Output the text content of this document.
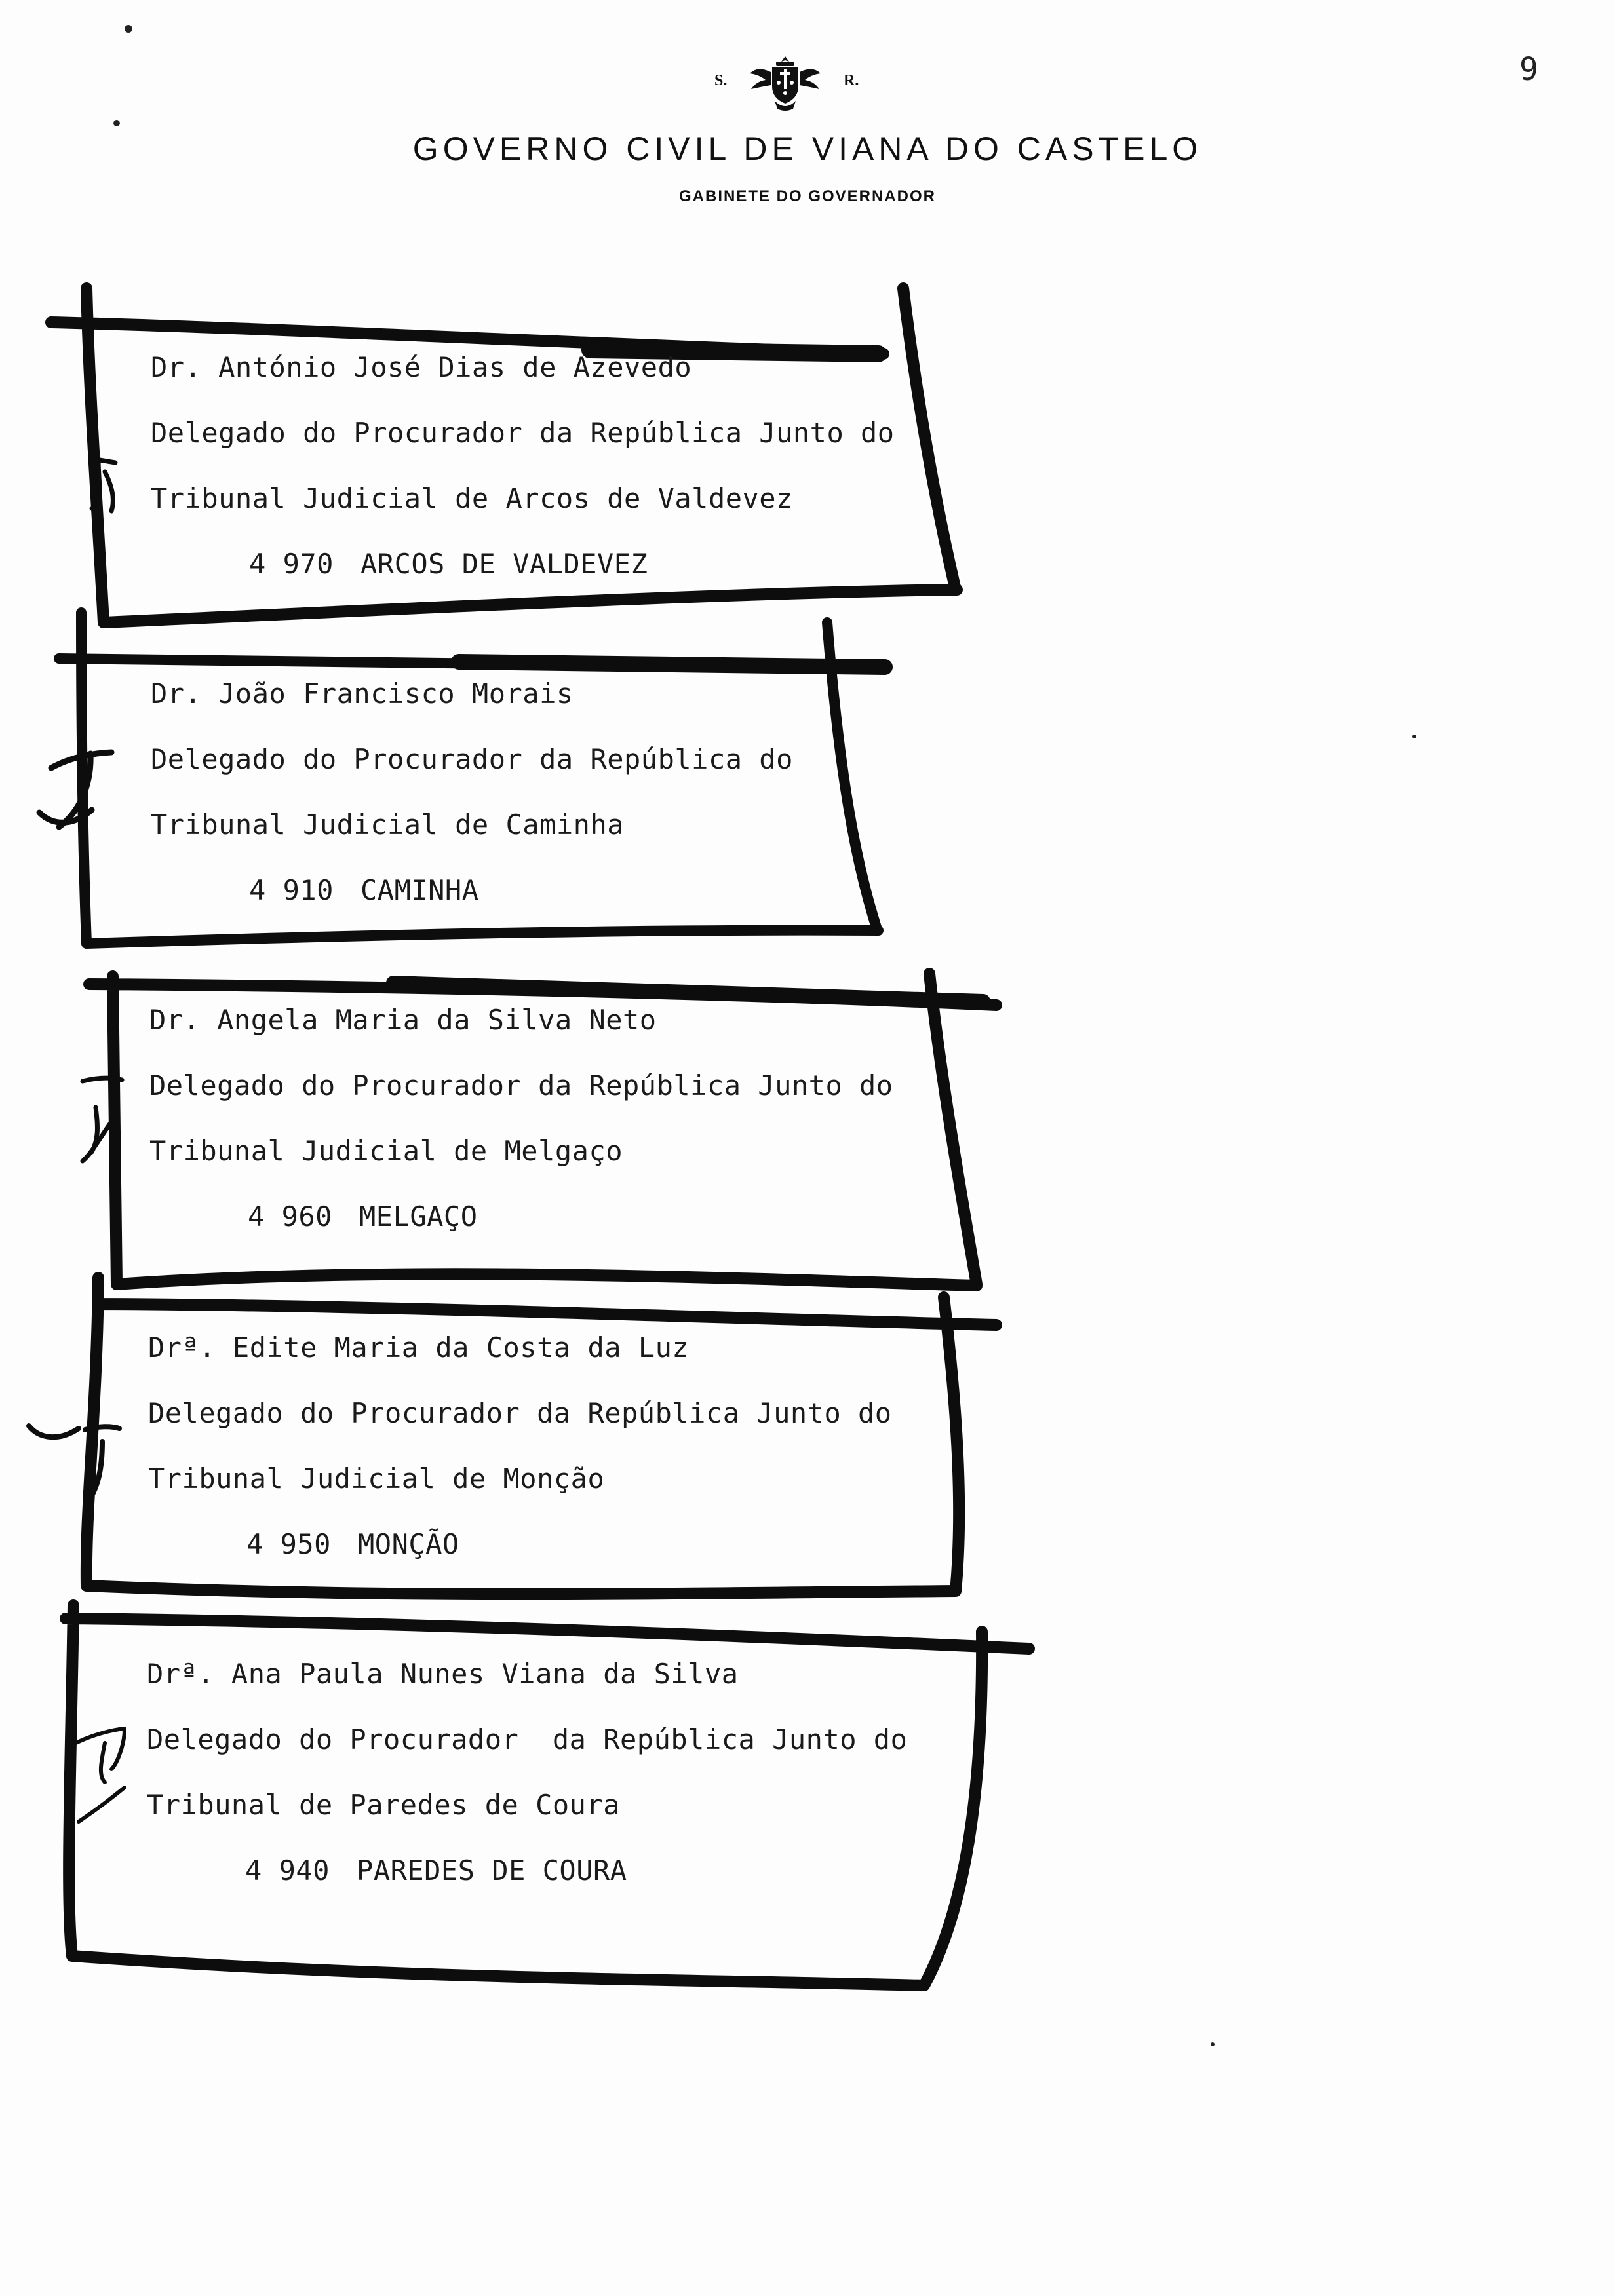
9
S.	R.
GOVERNO CIVIL DE VIANA DO CASTELO
GABINETE DO GOVERNADOR
Dr. António José Dias de Azevedo
Delegado do Procurador da República Junto do
Tribunal Judicial de Arcos de Valdevez
4 970 ARCOS DE VALDEVEZ
Dr. João Francisco Morais
Delegado do Procurador da República do
Tribunal Judicial de Caminha
4 910 CAMINHA
Dr. Angela Maria da Silva Neto
Delegado do Procurador da República Junto do
Tribunal Judicial de Melgaço
4 960 MELGAÇO
Drª. Edite Maria da Costa da Luz
Delegado do Procurador da República Junto do
Tribunal Judicial de Monção
4 950 MONÇÃO
Drª. Ana Paula Nunes Viana da Silva
Delegado do Procurador  da República Junto do
Tribunal de Paredes de Coura
4 940 PAREDES DE COURA
